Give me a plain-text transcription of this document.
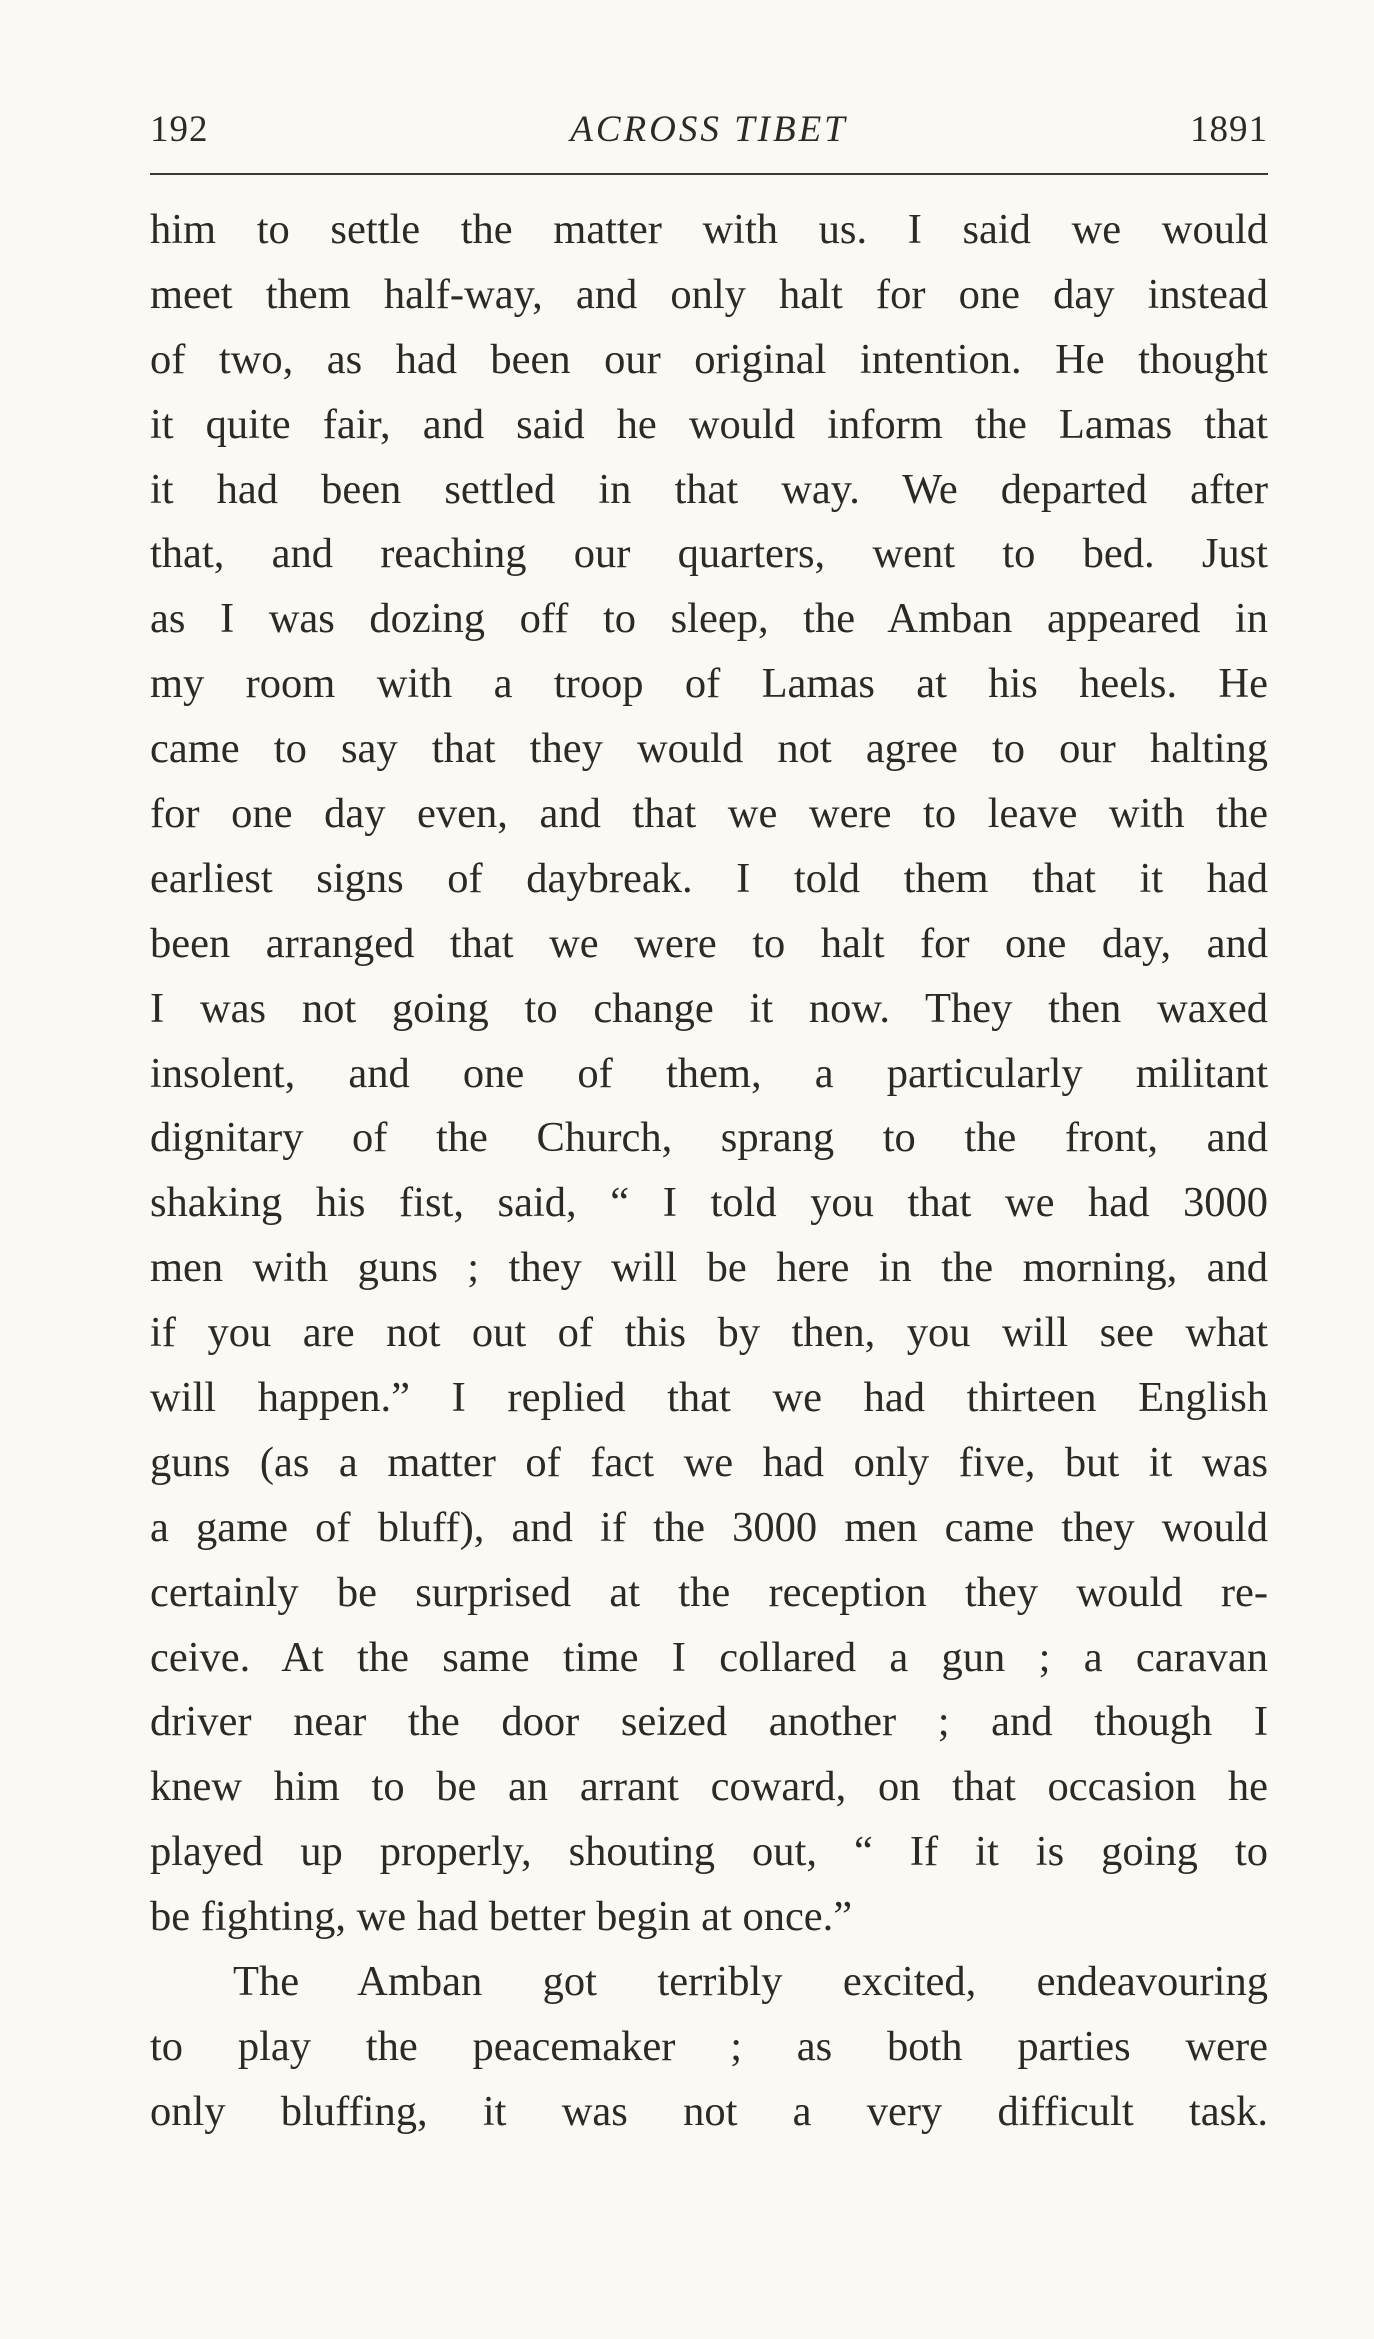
192	ACROSS TIBET	1891
him to settle the matter with us. I said we would
meet them half-way, and only halt for one day instead
of two, as had been our original intention. He thought
it quite fair, and said he would inform the Lamas that
it had been settled in that way. We departed after
that, and reaching our quarters, went to bed. Just
as I was dozing off to sleep, the Amban appeared in
my room with a troop of Lamas at his heels. He
came to say that they would not agree to our halting
for one day even, and that we were to leave with the
earliest signs of daybreak. I told them that it had
been arranged that we were to halt for one day, and
I was not going to change it now. They then waxed
insolent, and one of them, a particularly militant
dignitary of the Church, sprang to the front, and
shaking his fist, said, “ I told you that we had 3000
men with guns ; they will be here in the morning, and
if you are not out of this by then, you will see what
will happen.” I replied that we had thirteen English
guns (as a matter of fact we had only five, but it was
a game of bluff), and if the 3000 men came they would
certainly be surprised at the reception they would re-
ceive. At the same time I collared a gun ; a caravan
driver near the door seized another ; and though I
knew him to be an arrant coward, on that occasion he
played up properly, shouting out, “ If it is going to
be fighting, we had better begin at once.”
The Amban got terribly excited, endeavouring
to play the peacemaker ; as both parties were
only bluffing, it was not a very difficult task.
